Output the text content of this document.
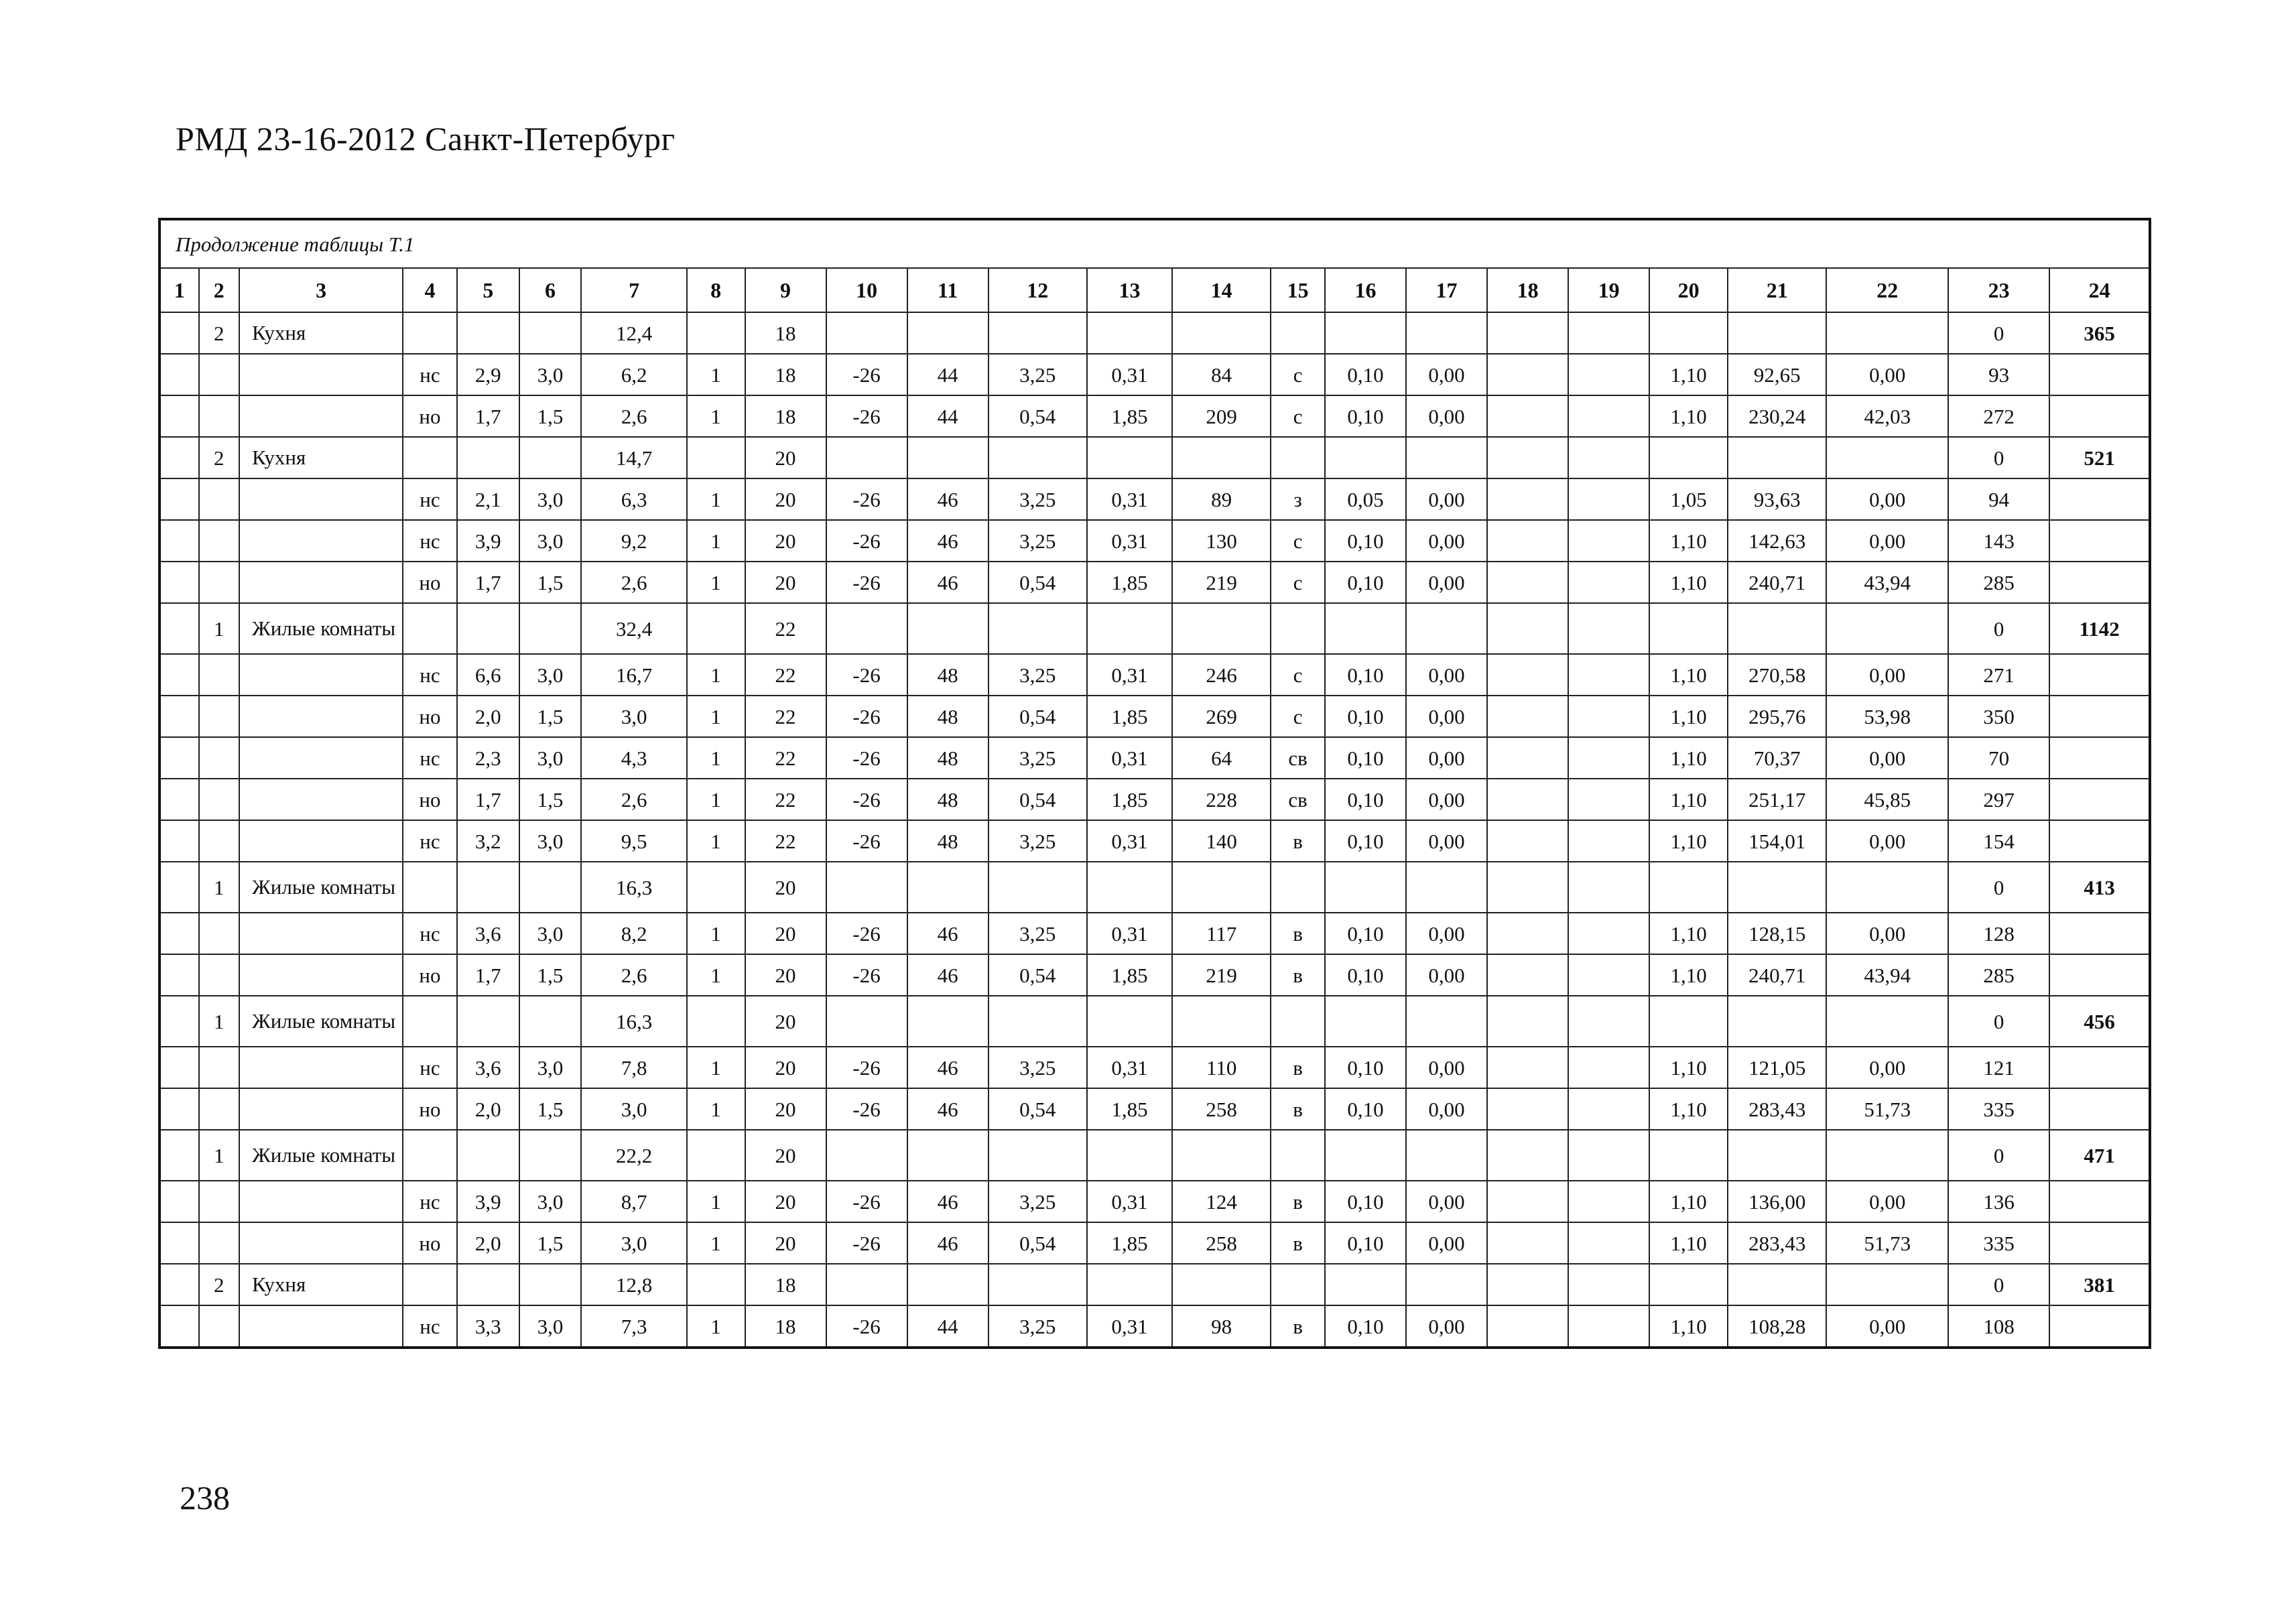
РМД 23-16-2012 Санкт-Петербург
Продолжение таблицы Т.1																							
1	2	3	4	5	6	7	8	9	10	11	12	13	14	15	16	17	18	19	20	21	22	23	24
	2	Кухня				12,4		18														0	365
			нс	2,9	3,0	6,2	1	18	-26	44	3,25	0,31	84	с	0,10	0,00			1,10	92,65	0,00	93	
			но	1,7	1,5	2,6	1	18	-26	44	0,54	1,85	209	с	0,10	0,00			1,10	230,24	42,03	272	
	2	Кухня				14,7		20														0	521
			нс	2,1	3,0	6,3	1	20	-26	46	3,25	0,31	89	з	0,05	0,00			1,05	93,63	0,00	94	
			нс	3,9	3,0	9,2	1	20	-26	46	3,25	0,31	130	с	0,10	0,00			1,10	142,63	0,00	143	
			но	1,7	1,5	2,6	1	20	-26	46	0,54	1,85	219	с	0,10	0,00			1,10	240,71	43,94	285	
	1	Жилые комнаты				32,4		22														0	1142
			нс	6,6	3,0	16,7	1	22	-26	48	3,25	0,31	246	с	0,10	0,00			1,10	270,58	0,00	271	
			но	2,0	1,5	3,0	1	22	-26	48	0,54	1,85	269	с	0,10	0,00			1,10	295,76	53,98	350	
			нс	2,3	3,0	4,3	1	22	-26	48	3,25	0,31	64	св	0,10	0,00			1,10	70,37	0,00	70	
			но	1,7	1,5	2,6	1	22	-26	48	0,54	1,85	228	св	0,10	0,00			1,10	251,17	45,85	297	
			нс	3,2	3,0	9,5	1	22	-26	48	3,25	0,31	140	в	0,10	0,00			1,10	154,01	0,00	154	
	1	Жилые комнаты				16,3		20														0	413
			нс	3,6	3,0	8,2	1	20	-26	46	3,25	0,31	117	в	0,10	0,00			1,10	128,15	0,00	128	
			но	1,7	1,5	2,6	1	20	-26	46	0,54	1,85	219	в	0,10	0,00			1,10	240,71	43,94	285	
	1	Жилые комнаты				16,3		20														0	456
			нс	3,6	3,0	7,8	1	20	-26	46	3,25	0,31	110	в	0,10	0,00			1,10	121,05	0,00	121	
			но	2,0	1,5	3,0	1	20	-26	46	0,54	1,85	258	в	0,10	0,00			1,10	283,43	51,73	335	
	1	Жилые комнаты				22,2		20														0	471
			нс	3,9	3,0	8,7	1	20	-26	46	3,25	0,31	124	в	0,10	0,00			1,10	136,00	0,00	136	
			но	2,0	1,5	3,0	1	20	-26	46	0,54	1,85	258	в	0,10	0,00			1,10	283,43	51,73	335	
	2	Кухня				12,8		18														0	381
			нс	3,3	3,0	7,3	1	18	-26	44	3,25	0,31	98	в	0,10	0,00			1,10	108,28	0,00	108	
238
